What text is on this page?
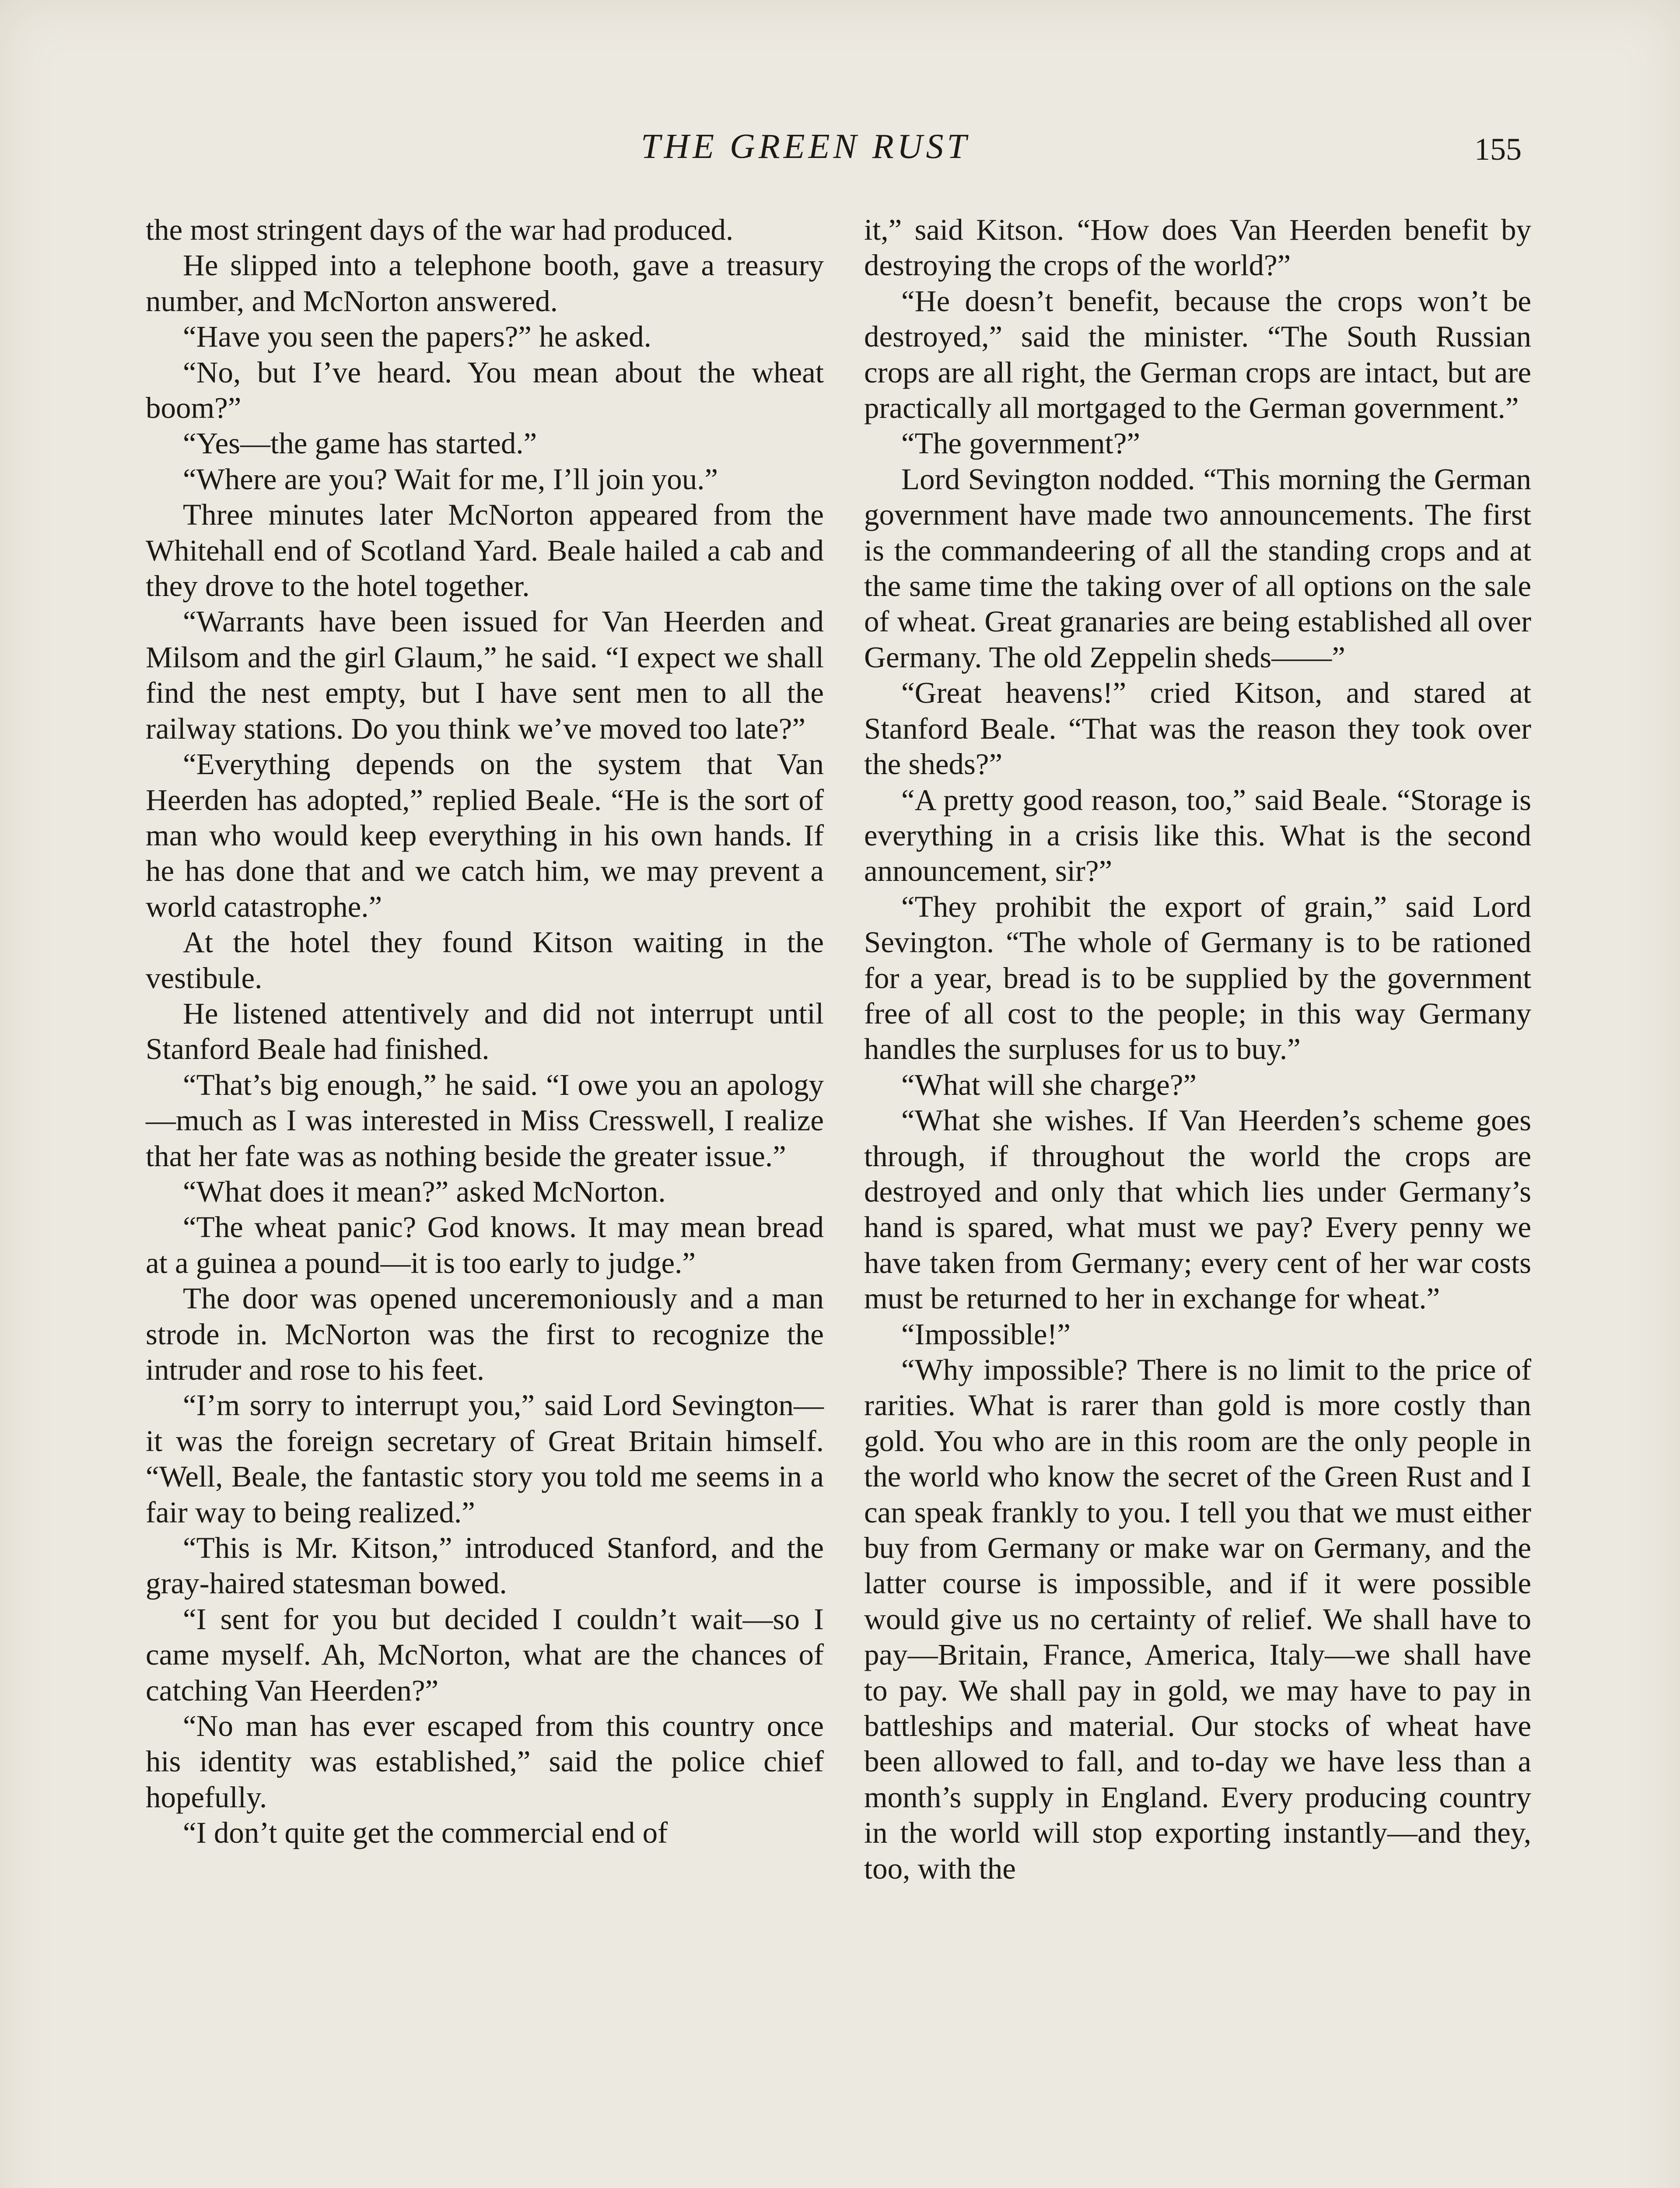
THE GREEN RUST	155

the most stringent days of the war had produced.

He slipped into a telephone booth, gave a treasury number, and McNorton answered.

“Have you seen the papers?” he asked.

“No, but I’ve heard. You mean about the wheat boom?”

“Yes—the game has started.”

“Where are you? Wait for me, I’ll join you.”

Three minutes later McNorton appeared from the Whitehall end of Scotland Yard. Beale hailed a cab and they drove to the hotel together.

“Warrants have been issued for Van Heerden and Milsom and the girl Glaum,” he said. “I expect we shall find the nest empty, but I have sent men to all the railway stations. Do you think we’ve moved too late?”

“Everything depends on the system that Van Heerden has adopted,” replied Beale. “He is the sort of man who would keep everything in his own hands. If he has done that and we catch him, we may prevent a world catastrophe.”

At the hotel they found Kitson waiting in the vestibule.

He listened attentively and did not interrupt until Stanford Beale had finished.

“That’s big enough,” he said. “I owe you an apology—much as I was interested in Miss Cresswell, I realize that her fate was as nothing beside the greater issue.”

“What does it mean?” asked McNorton.

“The wheat panic? God knows. It may mean bread at a guinea a pound—it is too early to judge.”

The door was opened unceremoniously and a man strode in. McNorton was the first to recognize the intruder and rose to his feet.

“I’m sorry to interrupt you,” said Lord Sevington—it was the foreign secretary of Great Britain himself. “Well, Beale, the fantastic story you told me seems in a fair way to being realized.”

“This is Mr. Kitson,” introduced Stanford, and the gray-haired statesman bowed.

“I sent for you but decided I couldn’t wait—so I came myself. Ah, McNorton, what are the chances of catching Van Heerden?”

“No man has ever escaped from this country once his identity was established,” said the police chief hopefully.

“I don’t quite get the commercial end of

it,” said Kitson. “How does Van Heerden benefit by destroying the crops of the world?”

“He doesn’t benefit, because the crops won’t be destroyed,” said the minister. “The South Russian crops are all right, the German crops are intact, but are practically all mortgaged to the German government.”

“The government?”

Lord Sevington nodded. “This morning the German government have made two announcements. The first is the commandeering of all the standing crops and at the same time the taking over of all options on the sale of wheat. Great granaries are being established all over Germany. The old Zeppelin sheds——”

“Great heavens!” cried Kitson, and stared at Stanford Beale. “That was the reason they took over the sheds?”

“A pretty good reason, too,” said Beale. “Storage is everything in a crisis like this. What is the second announcement, sir?”

“They prohibit the export of grain,” said Lord Sevington. “The whole of Germany is to be rationed for a year, bread is to be supplied by the government free of all cost to the people; in this way Germany handles the surpluses for us to buy.”

“What will she charge?”

“What she wishes. If Van Heerden’s scheme goes through, if throughout the world the crops are destroyed and only that which lies under Germany’s hand is spared, what must we pay? Every penny we have taken from Germany; every cent of her war costs must be returned to her in exchange for wheat.”

“Impossible!”

“Why impossible? There is no limit to the price of rarities. What is rarer than gold is more costly than gold. You who are in this room are the only people in the world who know the secret of the Green Rust and I can speak frankly to you. I tell you that we must either buy from Germany or make war on Germany, and the latter course is impossible, and if it were possible would give us no certainty of relief. We shall have to pay—Britain, France, America, Italy—we shall have to pay. We shall pay in gold, we may have to pay in battleships and material. Our stocks of wheat have been allowed to fall, and to-day we have less than a month’s supply in England. Every producing country in the world will stop exporting instantly—and they, too, with the
